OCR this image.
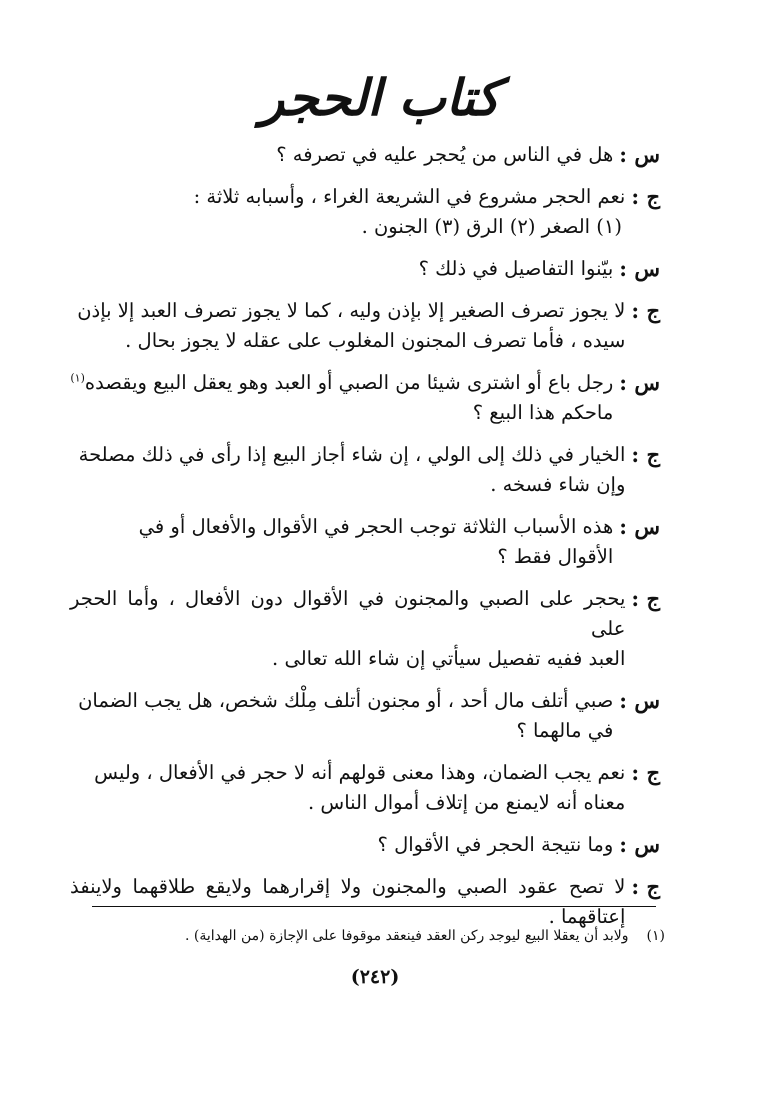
كتاب الحجر
س :
هل في الناس من يُحجر عليه في تصرفه ؟
ج :
نعم الحجر مشروع في الشريعة الغراء ، وأسبابه ثلاثة :
(١) الصغر (٢) الرق (٣) الجنون .
س :
بيّنوا التفاصيل في ذلك ؟
ج :
لا يجوز تصرف الصغير إلا بإذن وليه ، كما لا يجوز تصرف العبد إلا بإذن
سيده ، فأما تصرف المجنون المغلوب على عقله لا يجوز بحال .
س :
رجل باع أو اشترى شيئا من الصبي أو العبد وهو يعقل البيع ويقصده$^{(١)}$
ماحكم هذا البيع ؟
ج :
الخيار في ذلك إلى الولي ، إن شاء أجاز البيع إذا رأى في ذلك مصلحة
وإن شاء فسخه .
س :
هذه الأسباب الثلاثة توجب الحجر في الأقوال والأفعال أو في
الأقوال فقط ؟
ج :
يحجر على الصبي والمجنون في الأقوال دون الأفعال ، وأما الحجر على
العبد ففيه تفصيل سيأتي إن شاء الله تعالى .
س :
صبي أتلف مال أحد ، أو مجنون أتلف مِلْك شخص، هل يجب الضمان
في مالهما ؟
ج :
نعم يجب الضمان، وهذا معنى قولهم أنه لا حجر في الأفعال ، وليس
معناه أنه لايمنع من إتلاف أموال الناس .
س :
وما نتيجة الحجر في الأقوال ؟
ج :
لا تصح عقود الصبي والمجنون ولا إقرارهما ولايقع طلاقهما ولاينفذ إعتاقهما .
(١)
ولابد أن يعقلا البيع ليوجد ركن العقد فينعقد موقوفا على الإجازة (من الهداية) .
(٢٤٢)
